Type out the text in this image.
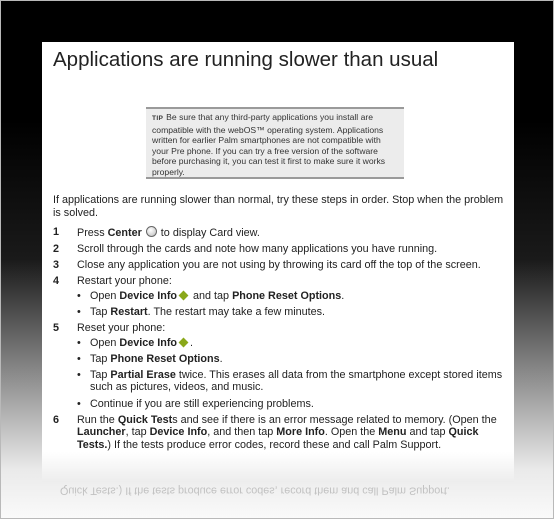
Applications are running slower than usual
TIP Be sure that any third-party applications you install are compatible with the webOS™ operating system. Applications written for earlier Palm smartphones are not compatible with your Pre phone. If you can try a free version of the software before purchasing it, you can test it first to make sure it works properly.
If applications are running slower than normal, try these steps in order. Stop when the problem is solved.
1 Press Center  to display Card view.
2 Scroll through the cards and note how many applications you have running.
3 Close any application you are not using by throwing its card off the top of the screen.
4 Restart your phone:
• Open Device Info and tap Phone Reset Options.
• Tap Restart. The restart may take a few minutes.
5 Reset your phone:
• Open Device Info .
• Tap Phone Reset Options.
• Tap Partial Erase twice. This erases all data from the smartphone except stored items such as pictures, videos, and music.
• Continue if you are still experiencing problems.
6 Run the Quick Tests and see if there is an error message related to memory. (Open the Launcher, tap Device Info, and then tap More Info. Open the Menu and tap Quick Tests.) If the tests produce error codes, record these and call Palm Support.
Quick Tests.) If the tests produce error codes, record them and call Palm Support.
